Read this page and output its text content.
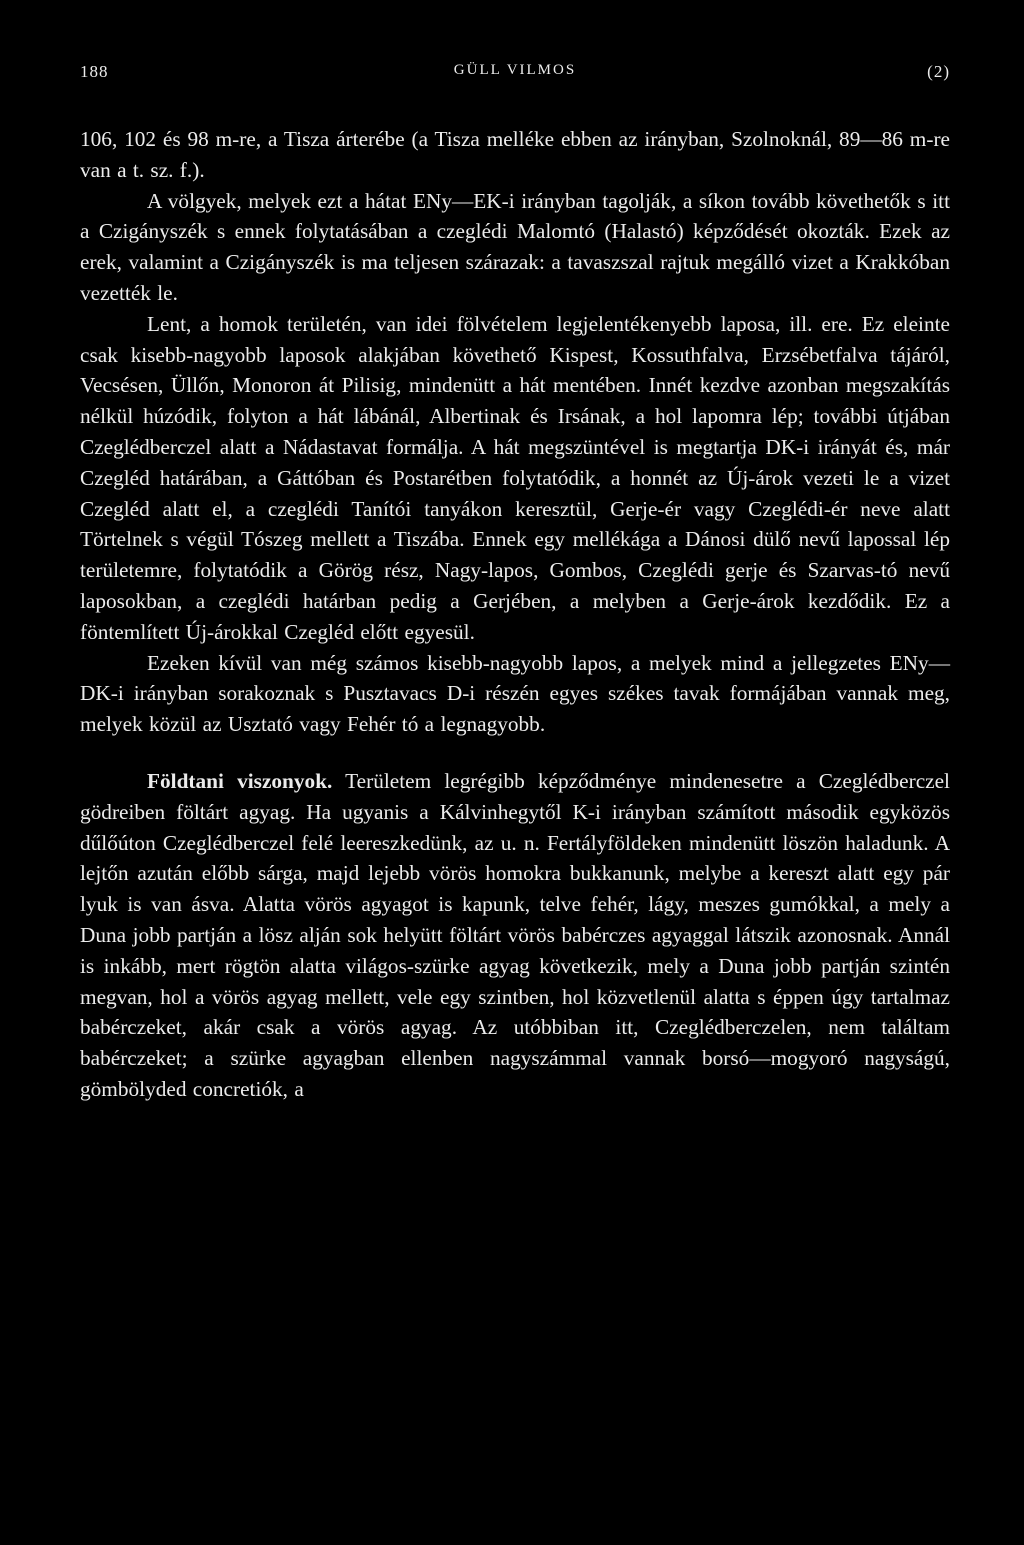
188	GÜLL VILMOS	(2)

106, 102 és 98 m-re, a Tisza árterébe (a Tisza melléke ebben az irányban, Szolnoknál, 89—86 m-re van a t. sz. f.).

A völgyek, melyek ezt a hátat ENy—EK-i irányban tagolják, a síkon tovább követhetők s itt a Czigányszék s ennek folytatásában a czeglédi Malomtó (Halastó) képződését okozták. Ezek az erek, valamint a Czigányszék is ma teljesen szárazak: a tavaszszal rajtuk megálló vizet a Krakkóban vezették le.

Lent, a homok területén, van idei fölvételem legjelentékenyebb laposa, ill. ere. Ez eleinte csak kisebb-nagyobb laposok alakjában követhető Kispest, Kossuthfalva, Erzsébetfalva tájáról, Vecsésen, Üllőn, Monoron át Pilisig, mindenütt a hát mentében. Innét kezdve azonban megszakítás nélkül húzódik, folyton a hát lábánál, Albertinak és Irsának, a hol lapomra lép; további útjában Czeglédberczel alatt a Nádastavat formálja. A hát megszüntével is megtartja DK-i irányát és, már Czegléd határában, a Gáttóban és Postarétben folytatódik, a honnét az Új-árok vezeti le a vizet Czegléd alatt el, a czeglédi Tanítói tanyákon keresztül, Gerje-ér vagy Czeglédi-ér neve alatt Törtelnek s végül Tószeg mellett a Tiszába. Ennek egy mellékága a Dánosi dülő nevű lapossal lép területemre, folytatódik a Görög rész, Nagy-lapos, Gombos, Czeglédi gerje és Szarvas-tó nevű laposokban, a czeglédi határban pedig a Gerjében, a melyben a Gerje-árok kezdődik. Ez a föntemlített Új-árokkal Czegléd előtt egyesül.

Ezeken kívül van még számos kisebb-nagyobb lapos, a melyek mind a jellegzetes ENy—DK-i irányban sorakoznak s Pusztavacs D-i részén egyes székes tavak formájában vannak meg, melyek közül az Usztató vagy Fehér tó a legnagyobb.

Földtani viszonyok. Területem legrégibb képződménye mindenesetre a Czeglédberczel gödreiben föltárt agyag. Ha ugyanis a Kálvinhegytől K-i irányban számított második egyközös dűlőúton Czeglédberczel felé leereszkedünk, az u. n. Fertályföldeken mindenütt löszön haladunk. A lejtőn azután előbb sárga, majd lejebb vörös homokra bukkanunk, melybe a kereszt alatt egy pár lyuk is van ásva. Alatta vörös agyagot is kapunk, telve fehér, lágy, meszes gumókkal, a mely a Duna jobb partján a lösz alján sok helyütt föltárt vörös babérczes agyaggal látszik azonosnak. Annál is inkább, mert rögtön alatta világos-szürke agyag következik, mely a Duna jobb partján szintén megvan, hol a vörös agyag mellett, vele egy szintben, hol közvetlenül alatta s éppen úgy tartalmaz babérczeket, akár csak a vörös agyag. Az utóbbiban itt, Czeglédberczelen, nem találtam babérczeket; a szürke agyagban ellenben nagyszámmal vannak borsó—mogyoró nagyságú, gömbölyded concretiók, a
